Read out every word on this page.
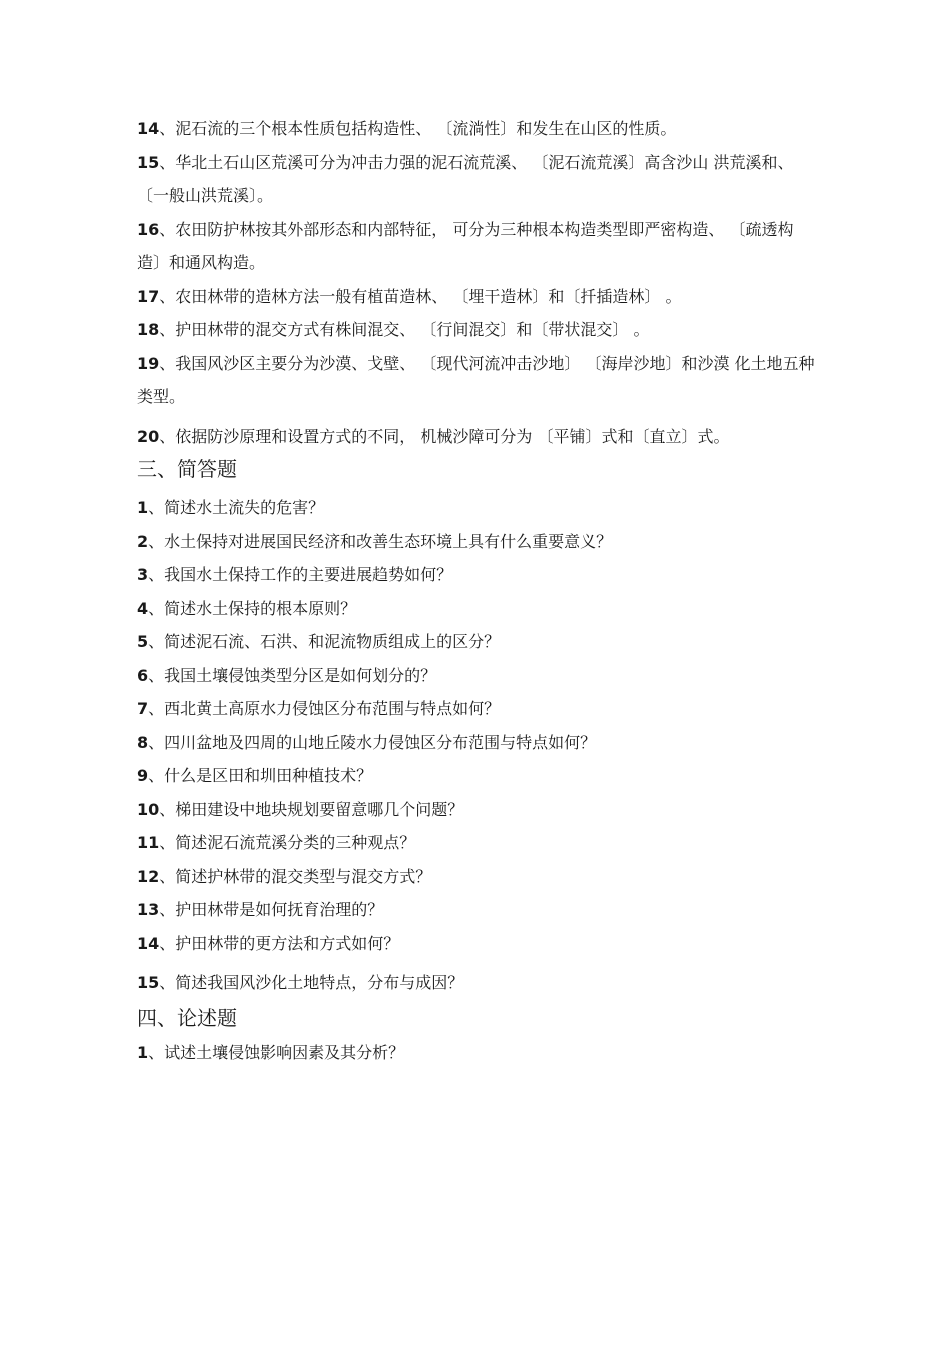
14、泥石流的三个根本性质包括构造性、 〔流淌性〕和发生在山区的性质。

15、华北土石山区荒溪可分为冲击力强的泥石流荒溪、 〔泥石流荒溪〕高含沙山 洪荒溪和、〔一般山洪荒溪〕。

16、农田防护林按其外部形态和内部特征， 可分为三种根本构造类型即严密构造、 〔疏透构造〕和通风构造。

17、农田林带的造林方法一般有植苗造林、 〔埋干造林〕和〔扦插造林〕 。

18、护田林带的混交方式有株间混交、 〔行间混交〕和〔带状混交〕 。

19、我国风沙区主要分为沙漠、戈壁、 〔现代河流冲击沙地〕 〔海岸沙地〕和沙漠 化土地五种类型。

20、依据防沙原理和设置方式的不同， 机械沙障可分为 〔平铺〕式和〔直立〕式。

三、简答题

1、简述水土流失的危害？

2、水土保持对进展国民经济和改善生态环境上具有什么重要意义？

3、我国水土保持工作的主要进展趋势如何？

4、简述水土保持的根本原则？

5、简述泥石流、石洪、和泥流物质组成上的区分？

6、我国土壤侵蚀类型分区是如何划分的？

7、西北黄土高原水力侵蚀区分布范围与特点如何？

8、四川盆地及四周的山地丘陵水力侵蚀区分布范围与特点如何？

9、什么是区田和圳田种植技术？

10、梯田建设中地块规划要留意哪几个问题？

11、简述泥石流荒溪分类的三种观点？

12、简述护林带的混交类型与混交方式？

13、护田林带是如何抚育治理的？

14、护田林带的更方法和方式如何？

15、简述我国风沙化土地特点，分布与成因？

四、论述题

1、试述土壤侵蚀影响因素及其分析？
